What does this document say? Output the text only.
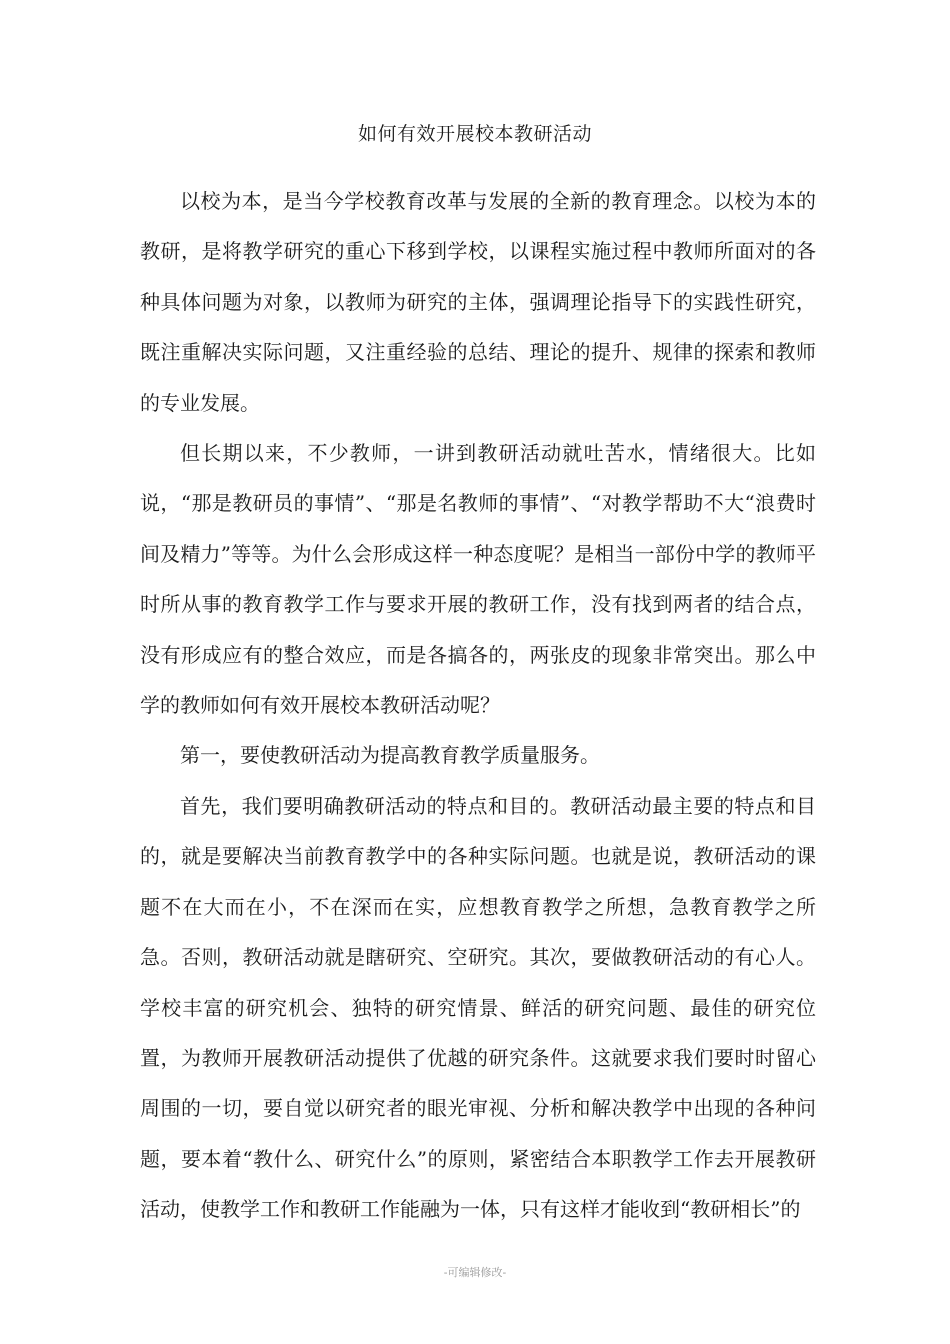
如何有效开展校本教研活动

以校为本，是当今学校教育改革与发展的全新的教育理念。以校为本的教研，是将教学研究的重心下移到学校，以课程实施过程中教师所面对的各种具体问题为对象，以教师为研究的主体，强调理论指导下的实践性研究，既注重解决实际问题，又注重经验的总结、理论的提升、规律的探索和教师的专业发展。

但长期以来，不少教师，一讲到教研活动就吐苦水，情绪很大。比如说，“那是教研员的事情”、“那是名教师的事情”、“对教学帮助不大“浪费时间及精力”等等。为什么会形成这样一种态度呢？是相当一部份中学的教师平时所从事的教育教学工作与要求开展的教研工作，没有找到两者的结合点，没有形成应有的整合效应，而是各搞各的，两张皮的现象非常突出。那么中学的教师如何有效开展校本教研活动呢？

第一，要使教研活动为提高教育教学质量服务。

首先，我们要明确教研活动的特点和目的。教研活动最主要的特点和目的，就是要解决当前教育教学中的各种实际问题。也就是说，教研活动的课题不在大而在小，不在深而在实，应想教育教学之所想，急教育教学之所急。否则，教研活动就是瞎研究、空研究。其次，要做教研活动的有心人。学校丰富的研究机会、独特的研究情景、鲜活的研究问题、最佳的研究位置，为教师开展教研活动提供了优越的研究条件。这就要求我们要时时留心周围的一切，要自觉以研究者的眼光审视、分析和解决教学中出现的各种问题，要本着“教什么、研究什么”的原则，紧密结合本职教学工作去开展教研活动，使教学工作和教研工作能融为一体，只有这样才能收到“教研相长”的

-可编辑修改-
